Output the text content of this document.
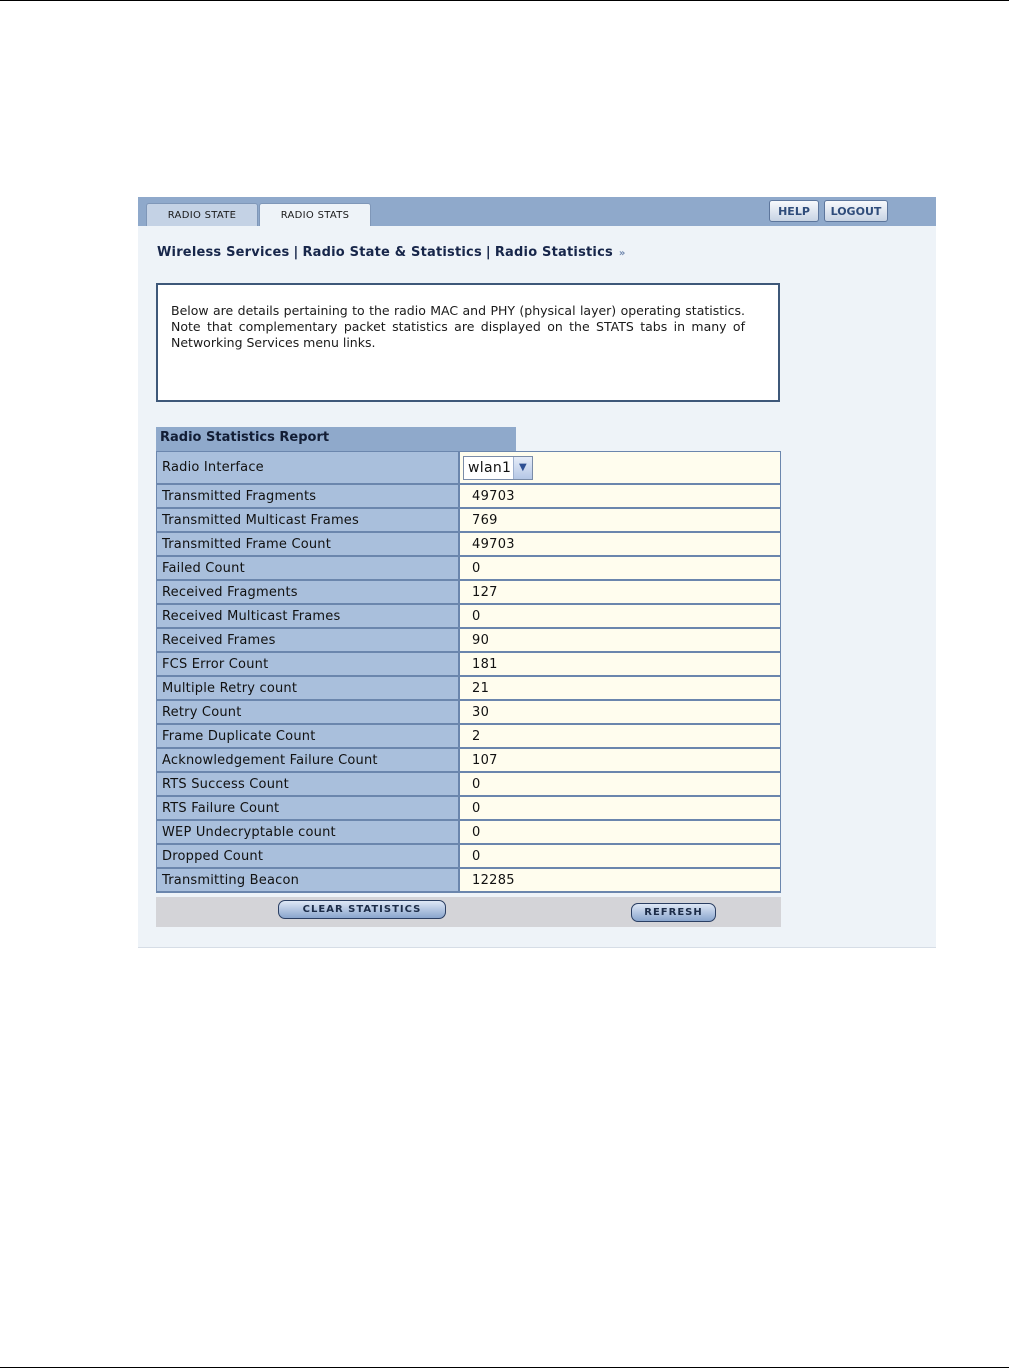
RADIO STATE	RADIO STATS	HELP	LOGOUT
Wireless Services | Radio State & Statistics | Radio Statistics »
Below are details pertaining to the radio MAC and PHY (physical layer) operating statistics. Note that complementary packet statistics are displayed on the STATS tabs in many of Networking Services menu links.
Radio Statistics Report
Radio Interface	wlan1 ▼
Transmitted Fragments	49703
Transmitted Multicast Frames	769
Transmitted Frame Count	49703
Failed Count	0
Received Fragments	127
Received Multicast Frames	0
Received Frames	90
FCS Error Count	181
Multiple Retry count	21
Retry Count	30
Frame Duplicate Count	2
Acknowledgement Failure Count	107
RTS Success Count	0
RTS Failure Count	0
WEP Undecryptable count	0
Dropped Count	0
Transmitting Beacon	12285
CLEAR STATISTICS	REFRESH
